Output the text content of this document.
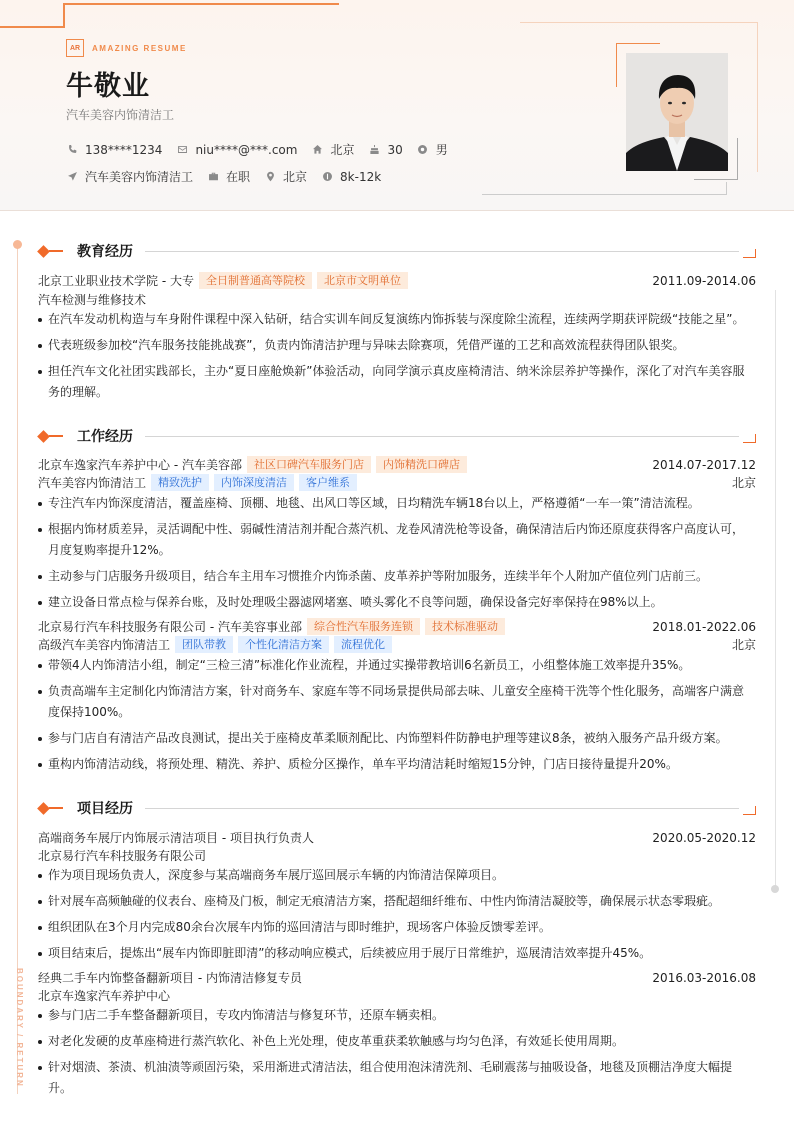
AR	AMAZING RESUME
牛敬业
汽车美容内饰清洁工
138****1234	niu****@***.com	北京	30	男
汽车美容内饰清洁工	在职	北京	8k-12k
BOUNDARY / RETURN
教育经历
北京工业职业技术学院 - 大专	全日制普通高等院校	北京市文明单位	2011.09-2014.06
汽车检测与维修技术
在汽车发动机构造与车身附件课程中深入钻研，结合实训车间反复演练内饰拆装与深度除尘流程，连续两学期获评院级“技能之星”。
代表班级参加校“汽车服务技能挑战赛”，负责内饰清洁护理与异味去除赛项，凭借严谨的工艺和高效流程获得团队银奖。
担任汽车文化社团实践部长，主办“夏日座舱焕新”体验活动，向同学演示真皮座椅清洁、纳米涂层养护等操作，深化了对汽车美容服务的理解。
工作经历
北京车逸家汽车养护中心 - 汽车美容部	社区口碑汽车服务门店	内饰精洗口碑店	2014.07-2017.12
汽车美容内饰清洁工	精致洗护	内饰深度清洁	客户维系	北京
专注汽车内饰深度清洁，覆盖座椅、顶棚、地毯、出风口等区域，日均精洗车辆18台以上，严格遵循“一车一策”清洁流程。
根据内饰材质差异，灵活调配中性、弱碱性清洁剂并配合蒸汽机、龙卷风清洗枪等设备，确保清洁后内饰还原度获得客户高度认可，月度复购率提升12%。
主动参与门店服务升级项目，结合车主用车习惯推介内饰杀菌、皮革养护等附加服务，连续半年个人附加产值位列门店前三。
建立设备日常点检与保养台账，及时处理吸尘器滤网堵塞、喷头雾化不良等问题，确保设备完好率保持在98%以上。
北京易行汽车科技服务有限公司 - 汽车美容事业部	综合性汽车服务连锁	技术标准驱动	2018.01-2022.06
高级汽车美容内饰清洁工	团队带教	个性化清洁方案	流程优化	北京
带领4人内饰清洁小组，制定“三检三清”标准化作业流程，并通过实操带教培训6名新员工，小组整体施工效率提升35%。
负责高端车主定制化内饰清洁方案，针对商务车、家庭车等不同场景提供局部去味、儿童安全座椅干洗等个性化服务，高端客户满意度保持100%。
参与门店自有清洁产品改良测试，提出关于座椅皮革柔顺剂配比、内饰塑料件防静电护理等建议8条，被纳入服务产品升级方案。
重构内饰清洁动线，将预处理、精洗、养护、质检分区操作，单车平均清洁耗时缩短15分钟，门店日接待量提升20%。
项目经历
高端商务车展厅内饰展示清洁项目 - 项目执行负责人	2020.05-2020.12
北京易行汽车科技服务有限公司
作为项目现场负责人，深度参与某高端商务车展厅巡回展示车辆的内饰清洁保障项目。
针对展车高频触碰的仪表台、座椅及门板，制定无痕清洁方案，搭配超细纤维布、中性内饰清洁凝胶等，确保展示状态零瑕疵。
组织团队在3个月内完成80余台次展车内饰的巡回清洁与即时维护，现场客户体验反馈零差评。
项目结束后，提炼出“展车内饰即脏即清”的移动响应模式，后续被应用于展厅日常维护，巡展清洁效率提升45%。
经典二手车内饰整备翻新项目 - 内饰清洁修复专员	2016.03-2016.08
北京车逸家汽车养护中心
参与门店二手车整备翻新项目，专攻内饰清洁与修复环节，还原车辆卖相。
对老化发硬的皮革座椅进行蒸汽软化、补色上光处理，使皮革重获柔软触感与均匀色泽，有效延长使用周期。
针对烟渍、茶渍、机油渍等顽固污染，采用渐进式清洁法，组合使用泡沫清洗剂、毛刷震荡与抽吸设备，地毯及顶棚洁净度大幅提升。
